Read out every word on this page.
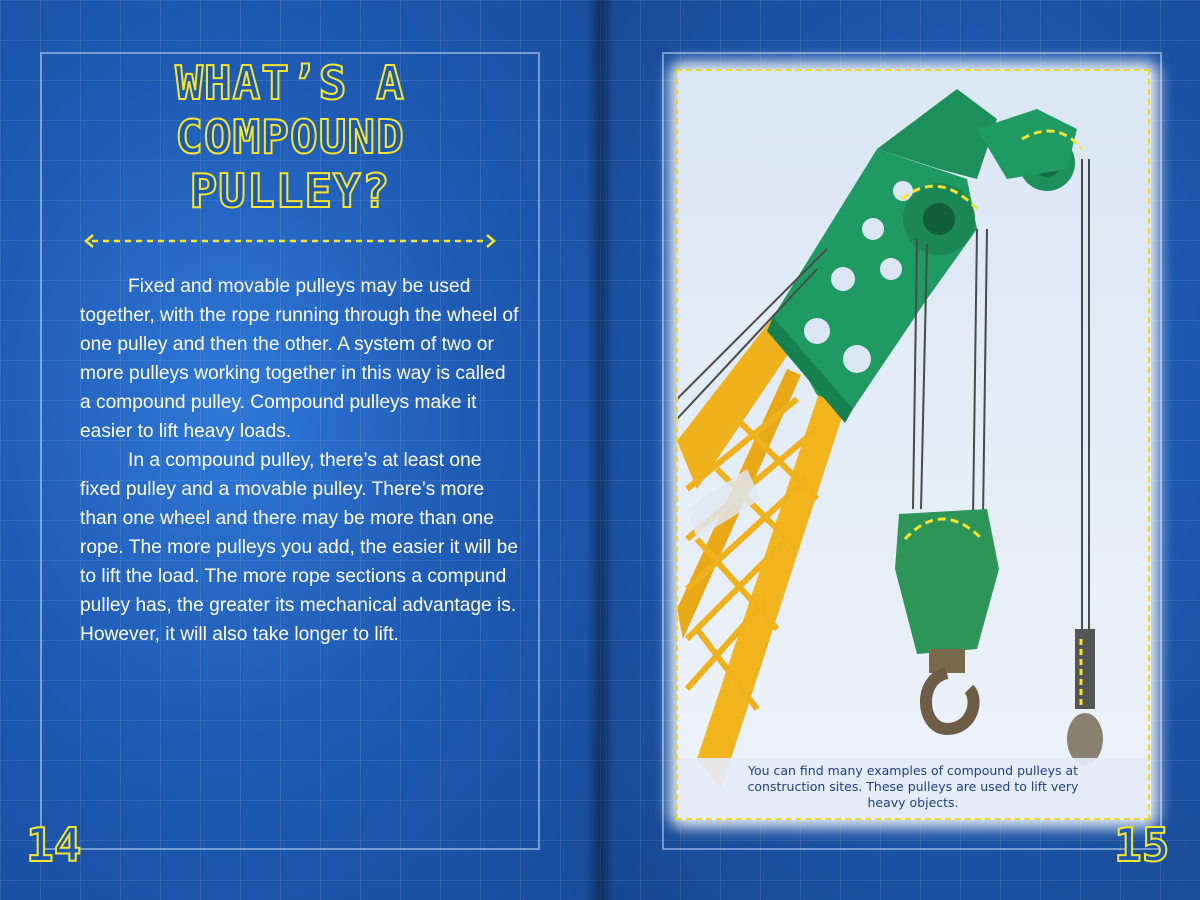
WHAT’S A
COMPOUND
PULLEY?

Fixed and movable pulleys may be used together, with the rope running through the wheel of one pulley and then the other. A system of two or more pulleys working together in this way is called a compound pulley. Compound pulleys make it easier to lift heavy loads.

In a compound pulley, there’s at least one fixed pulley and a movable pulley. There’s more than one wheel and there may be more than one rope. The more pulleys you add, the easier it will be to lift the load. The more rope sections a compund pulley has, the greater its mechanical advantage is. However, it will also take longer to lift.

14
You can find many examples of compound pulleys at construction sites. These pulleys are used to lift very heavy objects.
15
